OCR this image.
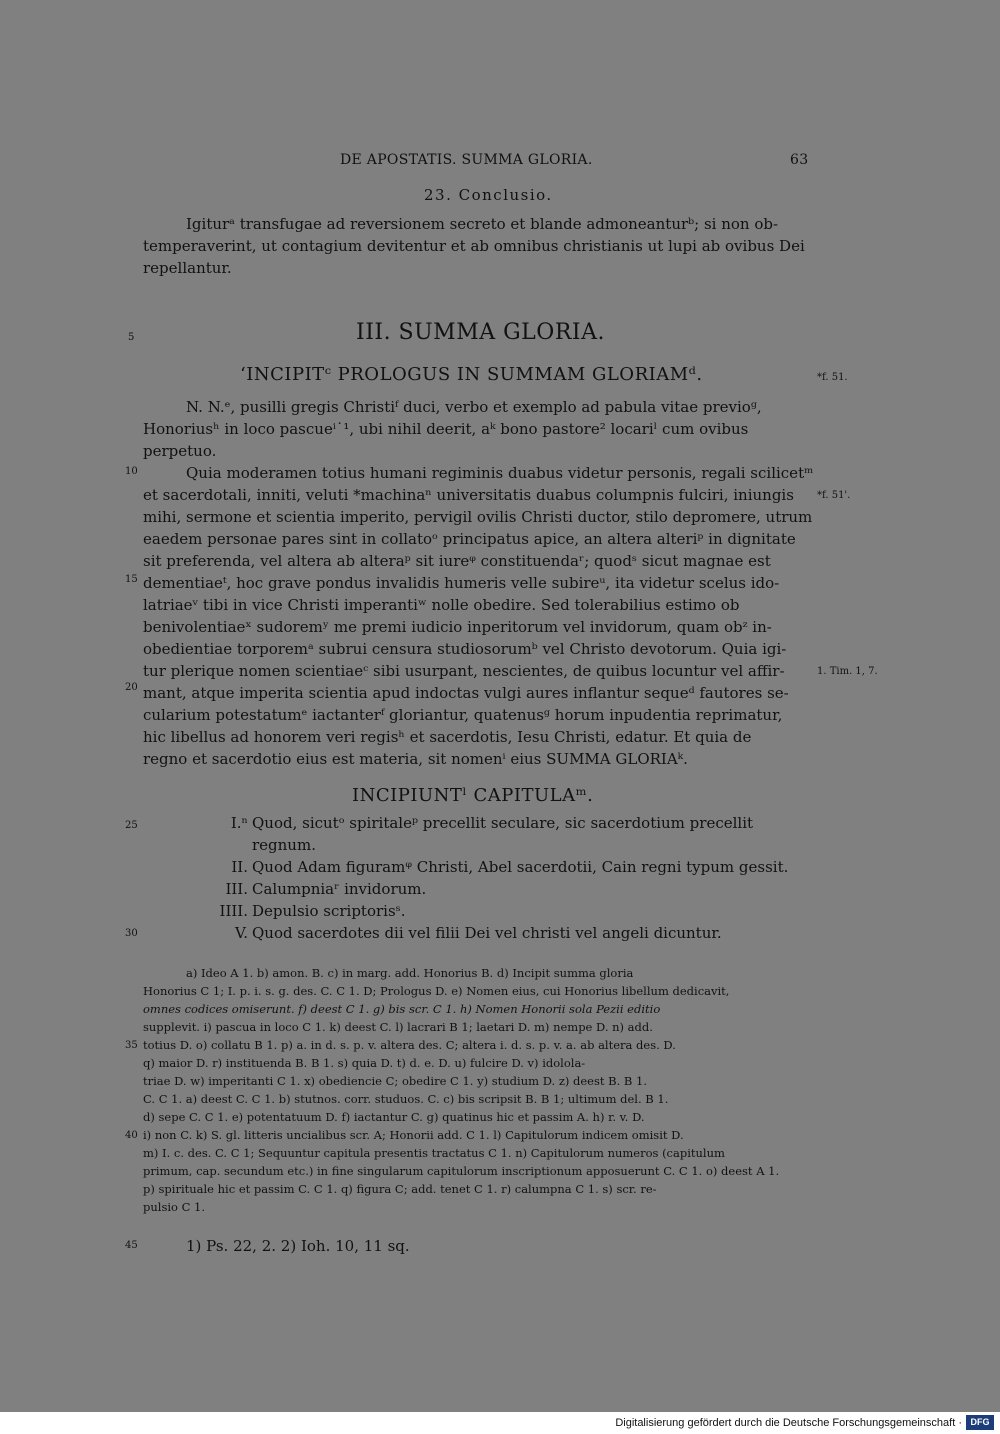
DE APOSTATIS. SUMMA GLORIA.	63
23. Conclusio.
Igiturᵃ transfugae ad reversionem secreto et blande admoneanturᵇ; si non ob-
temperaverint, ut contagium devitentur et ab omnibus christianis ut lupi ab ovibus Dei
repellantur.
5
10
15
20
25
30
35
40
45
III. SUMMA GLORIA.
‘INCIPITᶜ PROLOGUS IN SUMMAM GLORIAMᵈ.	*f. 51.
N. N.ᵉ, pusilli gregis Christiᶠ duci, verbo et exemplo ad pabula vitae previoᵍ,
Honoriusʰ in loco pascueⁱ˙¹, ubi nihil deerit, aᵏ bono pastore² locariˡ cum ovibus
perpetuo.
Quia moderamen totius humani regiminis duabus videtur personis, regali scilicetᵐ
et sacerdotali, inniti, veluti *machinaⁿ universitatis duabus columpnis fulciri, iniungis *f. 51'.
mihi, sermone et scientia imperito, pervigil ovilis Christi ductor, stilo depromere, utrum
eaedem personae pares sint in collatoᵒ principatus apice, an altera alteriᵖ in dignitate
sit preferenda, vel altera ab alteraᵖ sit iureᵠ constituendaʳ; quodˢ sicut magnae est
dementiaeᵗ, hoc grave pondus invalidis humeris velle subireᵘ, ita videtur scelus ido-
latriaeᵛ tibi in vice Christi imperantiʷ nolle obedire. Sed tolerabilius estimo ob
benivolentiaeˣ sudoremʸ me premi iudicio inperitorum vel invidorum, quam obᶻ in-
obedientiae torporemᵃ subrui censura studiosorumᵇ vel Christo devotorum. Quia igi-
tur plerique nomen scientiaeᶜ sibi usurpant, nescientes, de quibus locuntur vel affir-	1. Tim. 1, 7.
mant, atque imperita scientia apud indoctas vulgi aures inflantur sequeᵈ fautores se-
cularium potestatumᵉ iactanterᶠ gloriantur, quatenusᵍ horum inpudentia reprimatur,
hic libellus ad honorem veri regisʰ et sacerdotis, Iesu Christi, edatur. Et quia de
regno et sacerdotio eius est materia, sit nomenⁱ eius SUMMA GLORIAᵏ.
INCIPIUNTˡ CAPITULAᵐ.
I.ⁿ Quod, sicutᵒ spiritaleᵖ precellit seculare, sic sacerdotium precellit
regnum.
II. Quod Adam figuramᵠ Christi, Abel sacerdotii, Cain regni typum gessit.
III. Calumpniaʳ invidorum.
IIII. Depulsio scriptorisˢ.
V. Quod sacerdotes dii vel filii Dei vel christi vel angeli dicuntur.
a) Ideo A 1. b) amon. B. c) in marg. add. Honorius B. d) Incipit summa gloria
Honorius C 1; I. p. i. s. g. des. C. C 1. D; Prologus D. e) Nomen eius, cui Honorius libellum dedicavit,
omnes codices omiserunt. f) deest C 1. g) bis scr. C 1. h) Nomen Honorii sola Pezii editio
supplevit. i) pascua in loco C 1. k) deest C. l) lacrari B 1; laetari D. m) nempe D. n) add.
totius D. o) collatu B 1. p) a. in d. s. p. v. altera des. C; altera i. d. s. p. v. a. ab altera des. D.
q) maior D. r) instituenda B. B 1. s) quia D. t) d. e. D. u) fulcire D. v) idolola-
triae D. w) imperitanti C 1. x) obediencie C; obedire C 1. y) studium D. z) deest B. B 1.
C. C 1. a) deest C. C 1. b) stutnos. corr. studuos. C. c) bis scripsit B. B 1; ultimum del. B 1.
d) sepe C. C 1. e) potentatuum D. f) iactantur C. g) quatinus hic et passim A. h) r. v. D.
i) non C. k) S. gl. litteris uncialibus scr. A; Honorii add. C 1. l) Capitulorum indicem omisit D.
m) I. c. des. C. C 1; Sequuntur capitula presentis tractatus C 1. n) Capitulorum numeros (capitulum
primum, cap. secundum etc.) in fine singularum capitulorum inscriptionum apposuerunt C. C 1. o) deest A 1.
p) spirituale hic et passim C. C 1. q) figura C; add. tenet C 1. r) calumpna C 1. s) scr. re-
pulsio C 1.
1) Ps. 22, 2. 2) Ioh. 10, 11 sq.
Digitalisierung gefördert durch die Deutsche Forschungsgemeinschaft · DFG
